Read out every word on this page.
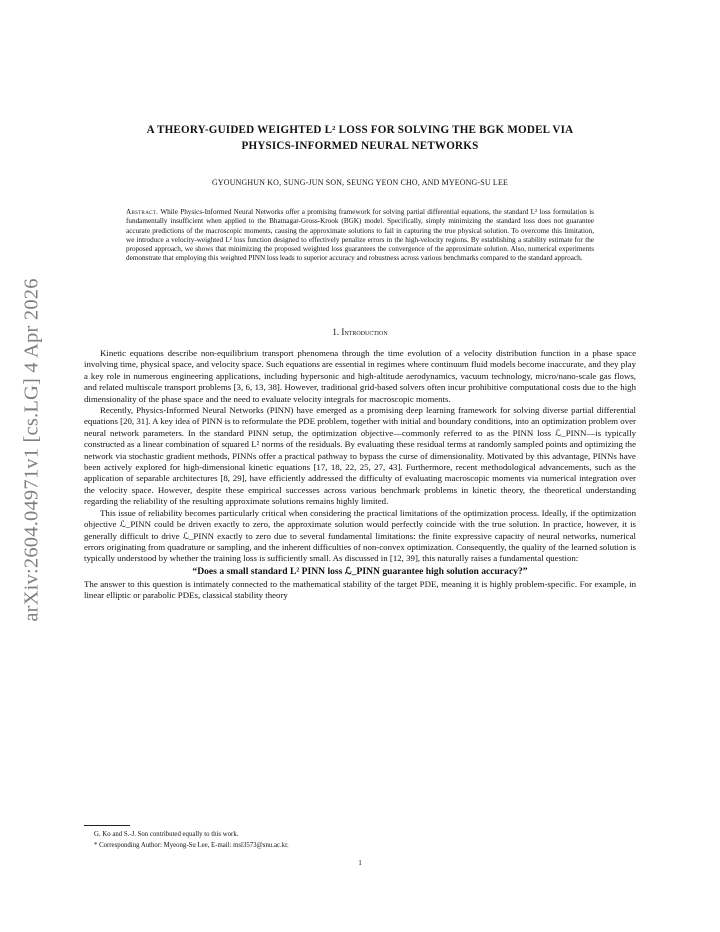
arXiv:2604.04971v1 [cs.LG] 4 Apr 2026
A THEORY-GUIDED WEIGHTED L² LOSS FOR SOLVING THE BGK MODEL VIA
PHYSICS-INFORMED NEURAL NETWORKS
GYOUNGHUN KO, SUNG-JUN SON, SEUNG YEON CHO, AND MYEONG-SU LEE
Abstract. While Physics-Informed Neural Networks offer a promising framework for solving partial differential equations, the standard L² loss formulation is fundamentally insufficient when applied to the Bhatnagar-Gross-Krook (BGK) model. Specifically, simply minimizing the standard loss does not guarantee accurate predictions of the macroscopic moments, causing the approximate solutions to fail in capturing the true physical solution. To overcome this limitation, we introduce a velocity-weighted L² loss function designed to effectively penalize errors in the high-velocity regions. By establishing a stability estimate for the proposed approach, we shows that minimizing the proposed weighted loss guarantees the convergence of the approximate solution. Also, numerical experiments demonstrate that employing this weighted PINN loss leads to superior accuracy and robustness across various benchmarks compared to the standard approach.
1. Introduction

Kinetic equations describe non-equilibrium transport phenomena through the time evolution of a velocity distribution function in a phase space involving time, physical space, and velocity space. Such equations are essential in regimes where continuum fluid models become inaccurate, and they play a key role in numerous engineering applications, including hypersonic and high-altitude aerodynamics, vacuum technology, micro/nano-scale gas flows, and related multiscale transport problems [3, 6, 13, 38]. However, traditional grid-based solvers often incur prohibitive computational costs due to the high dimensionality of the phase space and the need to evaluate velocity integrals for macroscopic moments.

Recently, Physics-Informed Neural Networks (PINN) have emerged as a promising deep learning framework for solving diverse partial differential equations [20, 31]. A key idea of PINN is to reformulate the PDE problem, together with initial and boundary conditions, into an optimization problem over neural network parameters. In the standard PINN setup, the optimization objective—commonly referred to as the PINN loss ℒ_PINN—is typically constructed as a linear combination of squared L² norms of the residuals. By evaluating these residual terms at randomly sampled points and optimizing the network via stochastic gradient methods, PINNs offer a practical pathway to bypass the curse of dimensionality. Motivated by this advantage, PINNs have been actively explored for high-dimensional kinetic equations [17, 18, 22, 25, 27, 43]. Furthermore, recent methodological advancements, such as the application of separable architectures [8, 29], have efficiently addressed the difficulty of evaluating macroscopic moments via numerical integration over the velocity space. However, despite these empirical successes across various benchmark problems in kinetic theory, the theoretical understanding regarding the reliability of the resulting approximate solutions remains highly limited.

This issue of reliability becomes particularly critical when considering the practical limitations of the optimization process. Ideally, if the optimization objective ℒ_PINN could be driven exactly to zero, the approximate solution would perfectly coincide with the true solution. In practice, however, it is generally difficult to drive ℒ_PINN exactly to zero due to several fundamental limitations: the finite expressive capacity of neural networks, numerical errors originating from quadrature or sampling, and the inherent difficulties of non-convex optimization. Consequently, the quality of the learned solution is typically understood by whether the training loss is sufficiently small. As discussed in [12, 39], this naturally raises a fundamental question:

“Does a small standard L² PINN loss ℒ_PINN guarantee high solution accuracy?”

The answer to this question is intimately connected to the mathematical stability of the target PDE, meaning it is highly problem-specific. For example, in linear elliptic or parabolic PDEs, classical stability theory

G. Ko and S.-J. Son contributed equally to this work.
* Corresponding Author: Myeong-Su Lee, E-mail: msl3573@snu.ac.kr.
1
